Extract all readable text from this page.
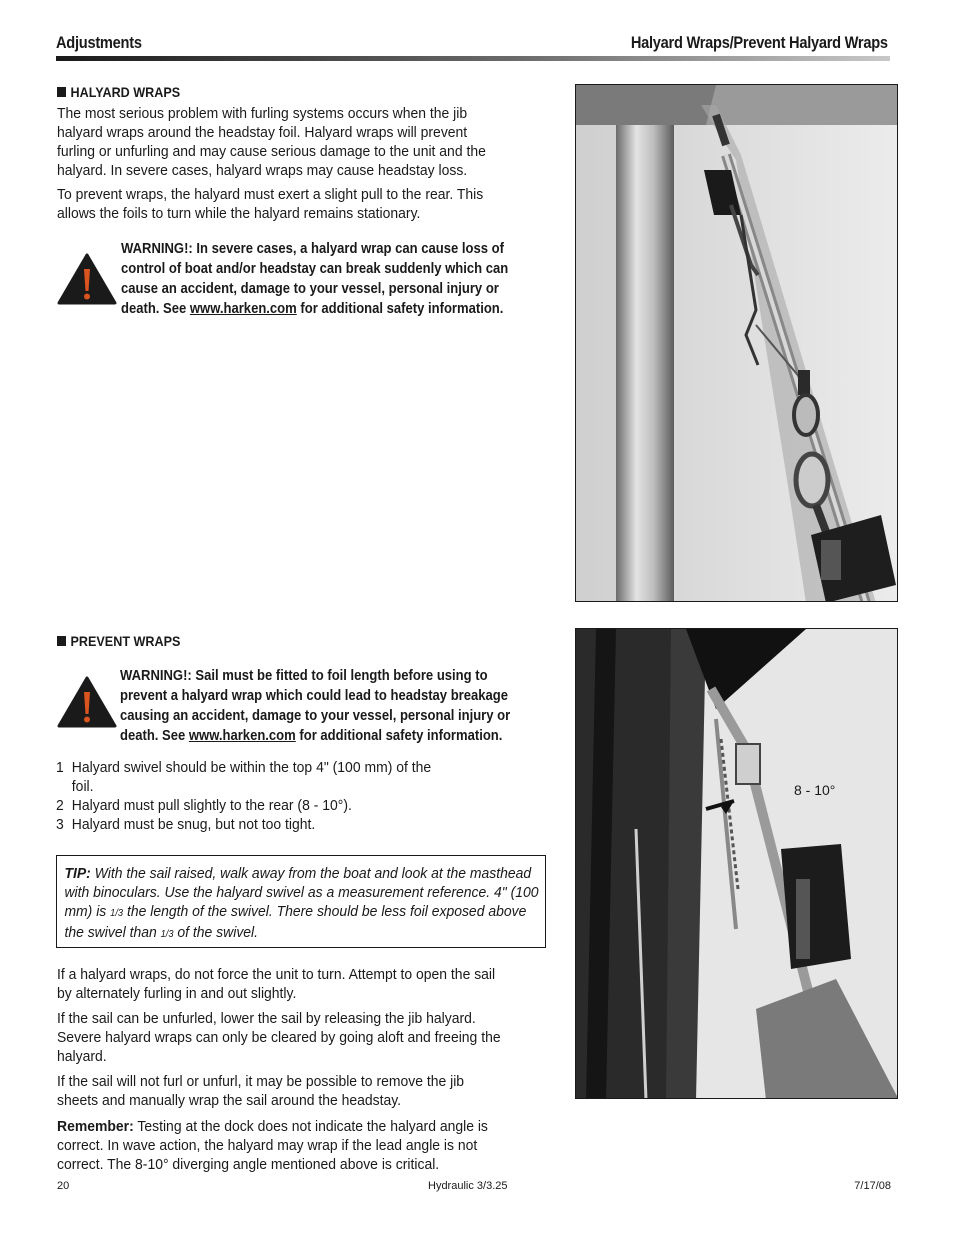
Adjustments	Halyard Wraps/Prevent Halyard Wraps
HALYARD WRAPS

The most serious problem with furling systems occurs when the jib halyard wraps around the headstay foil. Halyard wraps will prevent furling or unfurling and may cause serious damage to the unit and the halyard. In severe cases, halyard wraps may cause headstay loss.

To prevent wraps, the halyard must exert a slight pull to the rear. This allows the foils to turn while the halyard remains stationary.

WARNING!: In severe cases, a halyard wrap can cause loss of control of boat and/or headstay can break suddenly which can cause an accident, damage to your vessel, personal injury or death. See www.harken.com for additional safety information.

PREVENT WRAPS

WARNING!: Sail must be fitted to foil length before using to prevent a halyard wrap which could lead to headstay breakage causing an accident, damage to your vessel, personal injury or death. See www.harken.com for additional safety information.

1 Halyard swivel should be within the top 4" (100 mm) of the foil.
2 Halyard must pull slightly to the rear (8 - 10°).
3 Halyard must be snug, but not too tight.

TIP: With the sail raised, walk away from the boat and look at the masthead with binoculars. Use the halyard swivel as a measurement reference. 4" (100 mm) is 1/3 the length of the swivel. There should be less foil exposed above the swivel than 1/3 of the swivel.

If a halyard wraps, do not force the unit to turn. Attempt to open the sail by alternately furling in and out slightly.

If the sail can be unfurled, lower the sail by releasing the jib halyard. Severe halyard wraps can only be cleared by going aloft and freeing the halyard.

If the sail will not furl or unfurl, it may be possible to remove the jib sheets and manually wrap the sail around the headstay.

Remember: Testing at the dock does not indicate the halyard angle is correct. In wave action, the halyard may wrap if the lead angle is not correct. The 8-10° diverging angle mentioned above is critical.

8 - 10°
20	Hydraulic 3/3.25	7/17/08
